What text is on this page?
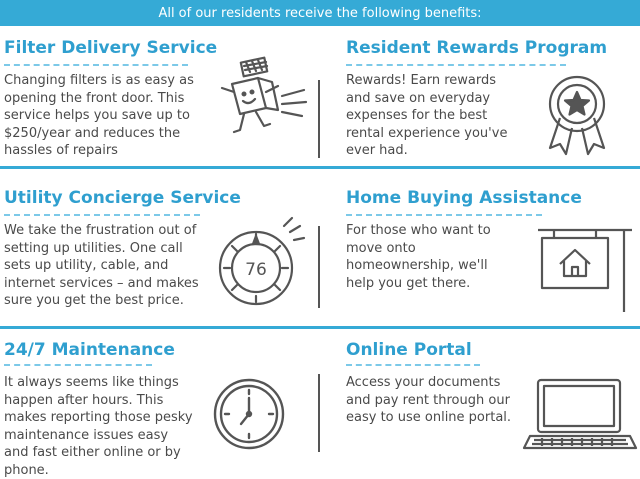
All of our residents receive the following benefits:
Filter Delivery Service
Changing filters is as easy as opening the front door. This service helps you save up to $250/year and reduces the hassles of repairs
Resident Rewards Program
Rewards! Earn rewards and save on everyday expenses for the best rental experience you've ever had.
Utility Concierge Service
We take the frustration out of setting up utilities. One call sets up utility, cable, and internet services – and makes sure you get the best price.
76
Home Buying Assistance
For those who want to move onto homeownership, we'll help you get there.
24/7 Maintenance
It always seems like things happen after hours. This makes reporting those pesky maintenance issues easy and fast either online or by phone.
Online Portal
Access your documents and pay rent through our easy to use online portal.
